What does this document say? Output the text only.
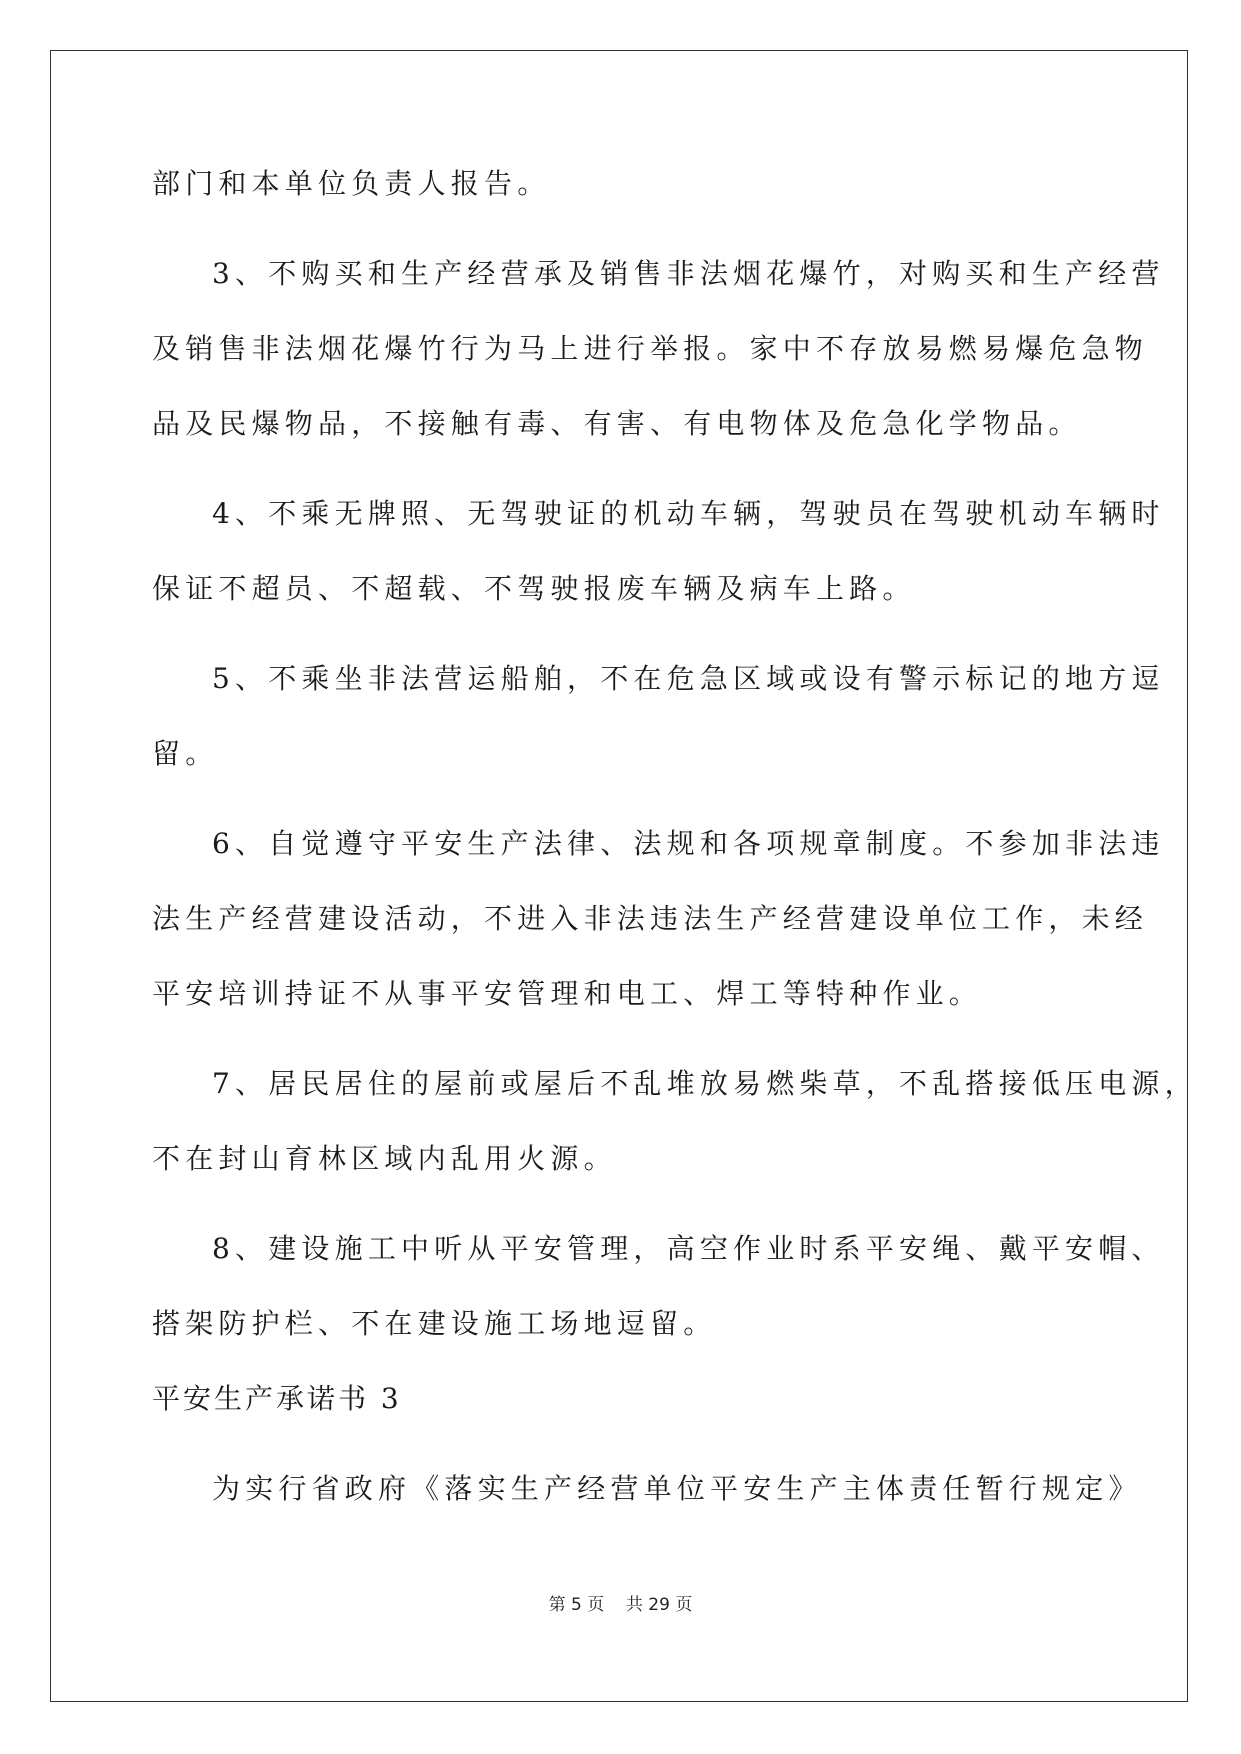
部门和本单位负责人报告。
3、不购买和生产经营承及销售非法烟花爆竹，对购买和生产经营
及销售非法烟花爆竹行为马上进行举报。家中不存放易燃易爆危急物
品及民爆物品，不接触有毒、有害、有电物体及危急化学物品。
4、不乘无牌照、无驾驶证的机动车辆，驾驶员在驾驶机动车辆时
保证不超员、不超载、不驾驶报废车辆及病车上路。
5、不乘坐非法营运船舶，不在危急区域或设有警示标记的地方逗
留。
6、自觉遵守平安生产法律、法规和各项规章制度。不参加非法违
法生产经营建设活动，不进入非法违法生产经营建设单位工作，未经
平安培训持证不从事平安管理和电工、焊工等特种作业。
7、居民居住的屋前或屋后不乱堆放易燃柴草，不乱搭接低压电源，
不在封山育林区域内乱用火源。
8、建设施工中听从平安管理，高空作业时系平安绳、戴平安帽、
搭架防护栏、不在建设施工场地逗留。
平安生产承诺书 3
为实行省政府《落实生产经营单位平安生产主体责任暂行规定》
第 5 页    共 29 页
